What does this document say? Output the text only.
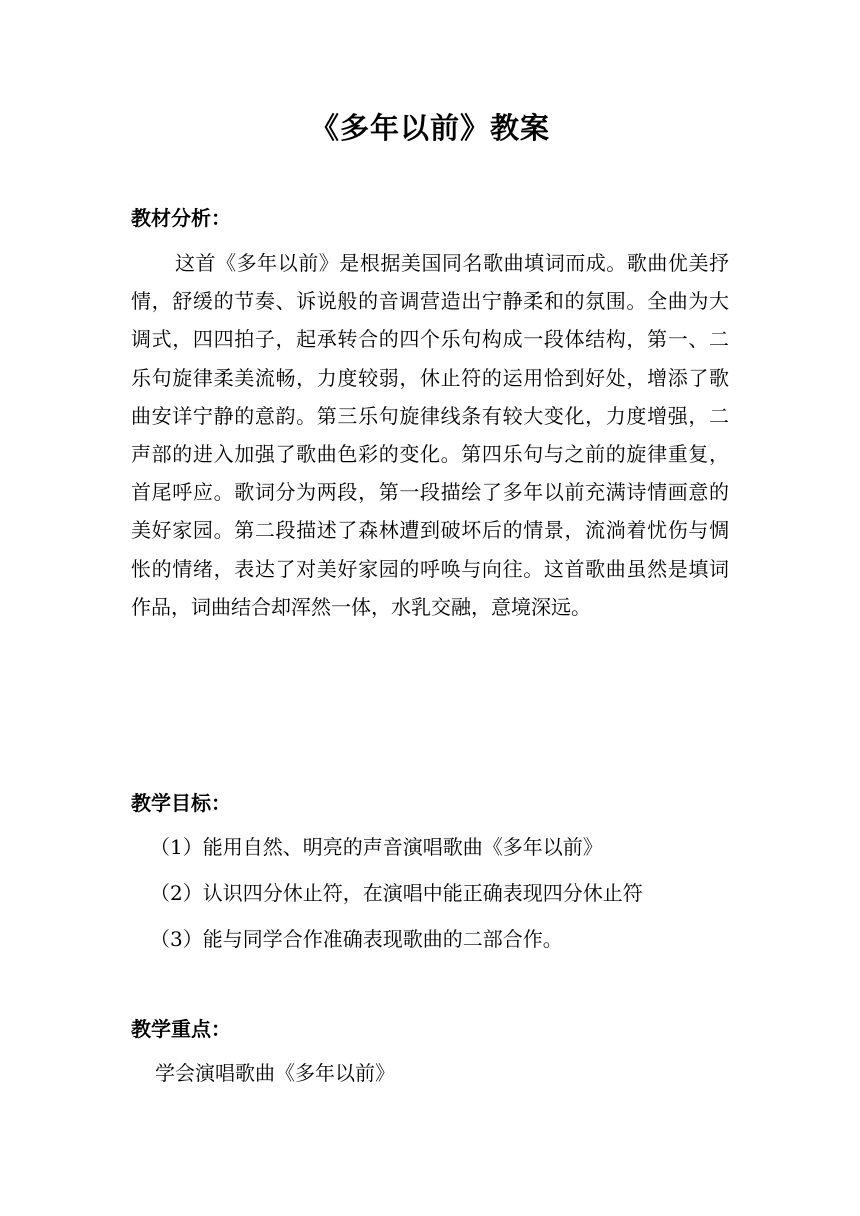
《多年以前》教案
教材分析：

这首《多年以前》是根据美国同名歌曲填词而成。歌曲优美抒情，舒缓的节奏、诉说般的音调营造出宁静柔和的氛围。全曲为大调式，四四拍子，起承转合的四个乐句构成一段体结构，第一、二乐句旋律柔美流畅，力度较弱，休止符的运用恰到好处，增添了歌曲安详宁静的意韵。第三乐句旋律线条有较大变化，力度增强，二声部的进入加强了歌曲色彩的变化。第四乐句与之前的旋律重复，首尾呼应。歌词分为两段，第一段描绘了多年以前充满诗情画意的美好家园。第二段描述了森林遭到破坏后的情景，流淌着忧伤与惆怅的情绪，表达了对美好家园的呼唤与向往。这首歌曲虽然是填词作品，词曲结合却浑然一体，水乳交融，意境深远。

教学目标：
（1）能用自然、明亮的声音演唱歌曲《多年以前》
（2）认识四分休止符，在演唱中能正确表现四分休止符
（3）能与同学合作准确表现歌曲的二部合作。
教学重点：
学会演唱歌曲《多年以前》
